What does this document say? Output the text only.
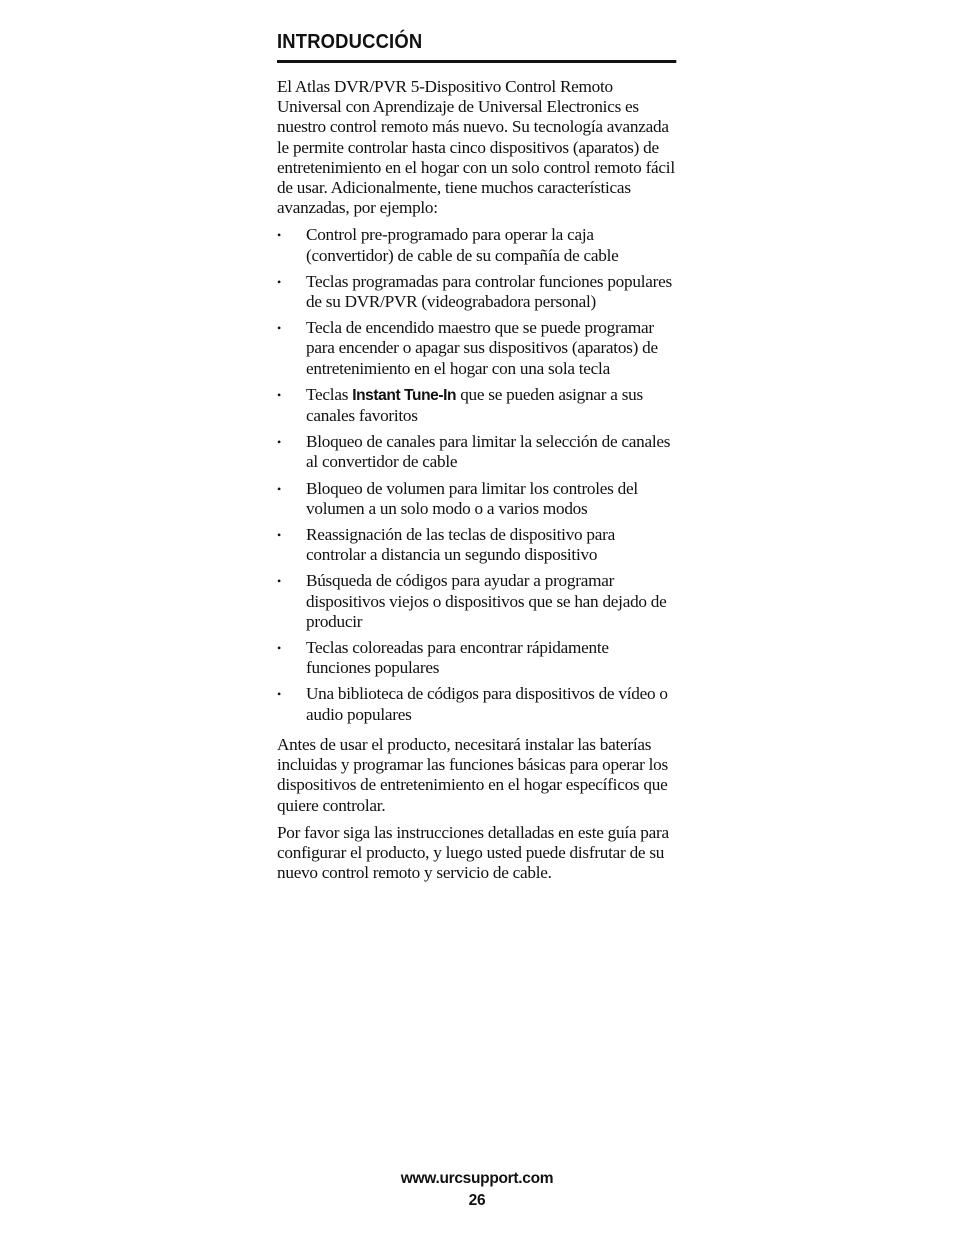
INTRODUCCIÓN

El Atlas DVR/PVR 5-Dispositivo Control Remoto Universal con Aprendizaje de Universal Electronics es nuestro control remoto más nuevo. Su tecnología avanzada le permite controlar hasta cinco dispositivos (aparatos) de entretenimiento en el hogar con un solo control remoto fácil de usar. Adicionalmente, tiene muchos características avanzadas, por ejemplo:

• Control pre-programado para operar la caja (convertidor) de cable de su compañía de cable
• Teclas programadas para controlar funciones populares de su DVR/PVR (videograbadora personal)
• Tecla de encendido maestro que se puede programar para encender o apagar sus dispositivos (aparatos) de entretenimiento en el hogar con una sola tecla
• Teclas Instant Tune-In que se pueden asignar a sus canales favoritos
• Bloqueo de canales para limitar la selección de canales al convertidor de cable
• Bloqueo de volumen para limitar los controles del volumen a un solo modo o a varios modos
• Reassignación de las teclas de dispositivo para controlar a distancia un segundo dispositivo
• Búsqueda de códigos para ayudar a programar dispositivos viejos o dispositivos que se han dejado de producir
• Teclas coloreadas para encontrar rápidamente funciones populares
• Una biblioteca de códigos para dispositivos de vídeo o audio populares

Antes de usar el producto, necesitará instalar las baterías incluidas y programar las funciones básicas para operar los dispositivos de entretenimiento en el hogar específicos que quiere controlar.

Por favor siga las instrucciones detalladas en este guía para configurar el producto, y luego usted puede disfrutar de su nuevo control remoto y servicio de cable.

www.urcsupport.com
26
